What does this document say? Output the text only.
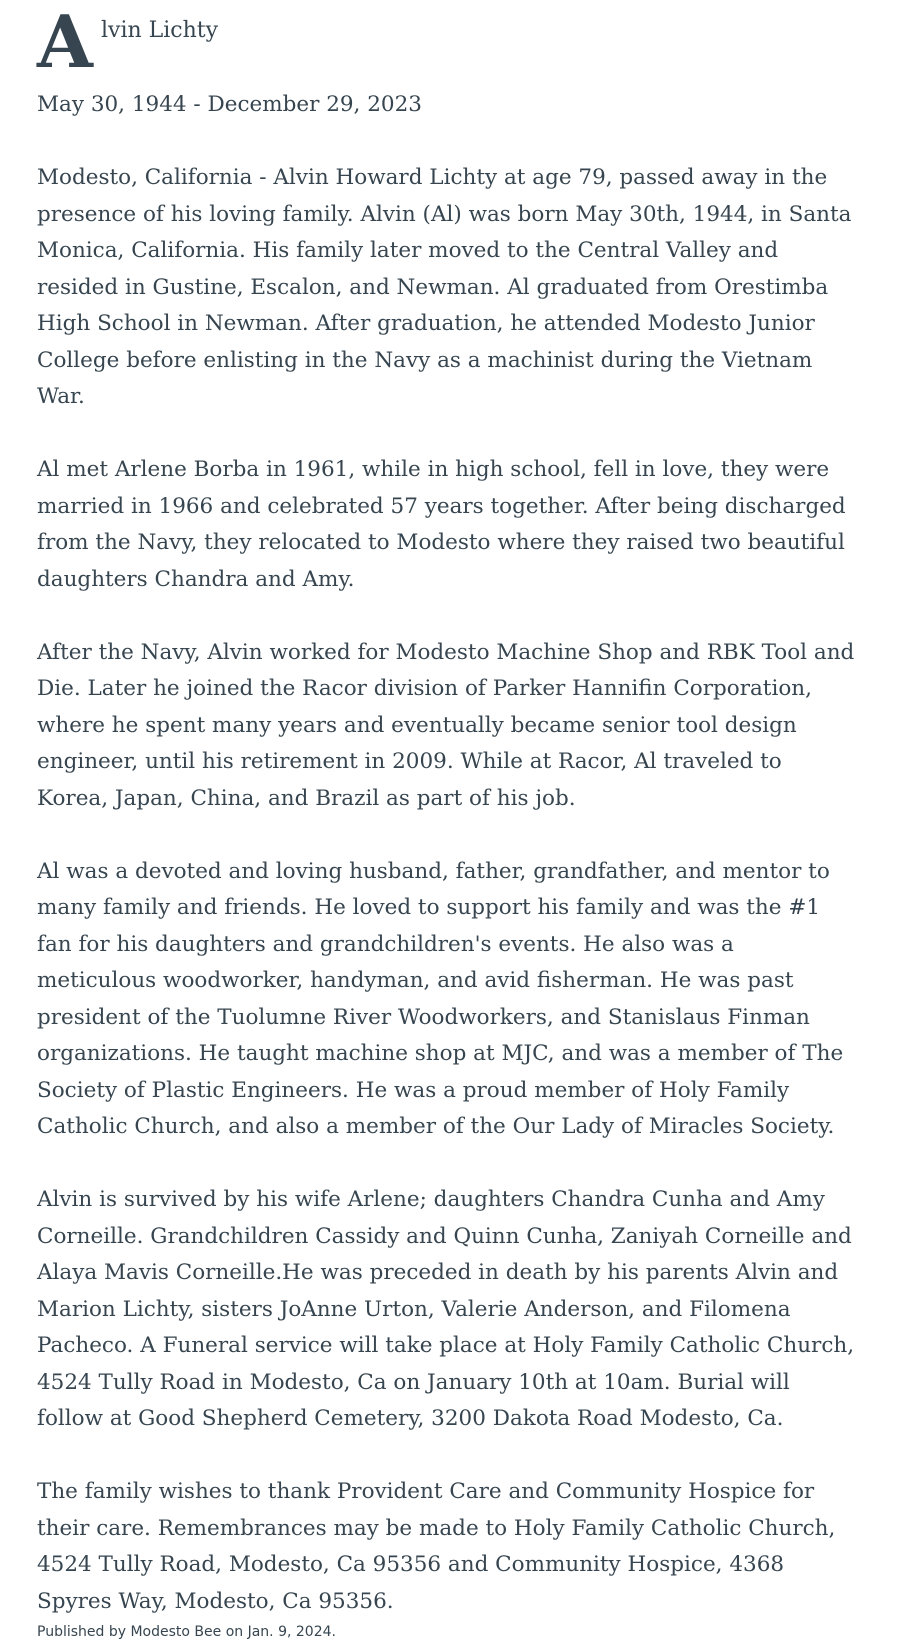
A lvin Lichty
May 30, 1944 - December 29, 2023

Modesto, California - Alvin Howard Lichty at age 79, passed away in the presence of his loving family. Alvin (Al) was born May 30th, 1944, in Santa Monica, California. His family later moved to the Central Valley and resided in Gustine, Escalon, and Newman. Al graduated from Orestimba High School in Newman. After graduation, he attended Modesto Junior College before enlisting in the Navy as a machinist during the Vietnam War.

Al met Arlene Borba in 1961, while in high school, fell in love, they were married in 1966 and celebrated 57 years together. After being discharged from the Navy, they relocated to Modesto where they raised two beautiful daughters Chandra and Amy.

After the Navy, Alvin worked for Modesto Machine Shop and RBK Tool and Die. Later he joined the Racor division of Parker Hannifin Corporation, where he spent many years and eventually became senior tool design engineer, until his retirement in 2009. While at Racor, Al traveled to Korea, Japan, China, and Brazil as part of his job.

Al was a devoted and loving husband, father, grandfather, and mentor to many family and friends. He loved to support his family and was the #1 fan for his daughters and grandchildren's events. He also was a meticulous woodworker, handyman, and avid fisherman. He was past president of the Tuolumne River Woodworkers, and Stanislaus Finman organizations. He taught machine shop at MJC, and was a member of The Society of Plastic Engineers. He was a proud member of Holy Family Catholic Church, and also a member of the Our Lady of Miracles Society.

Alvin is survived by his wife Arlene; daughters Chandra Cunha and Amy Corneille. Grandchildren Cassidy and Quinn Cunha, Zaniyah Corneille and Alaya Mavis Corneille.He was preceded in death by his parents Alvin and Marion Lichty, sisters JoAnne Urton, Valerie Anderson, and Filomena Pacheco. A Funeral service will take place at Holy Family Catholic Church, 4524 Tully Road in Modesto, Ca on January 10th at 10am. Burial will follow at Good Shepherd Cemetery, 3200 Dakota Road Modesto, Ca.

The family wishes to thank Provident Care and Community Hospice for their care. Remembrances may be made to Holy Family Catholic Church, 4524 Tully Road, Modesto, Ca 95356 and Community Hospice, 4368 Spyres Way, Modesto, Ca 95356.

Published by Modesto Bee on Jan. 9, 2024.
